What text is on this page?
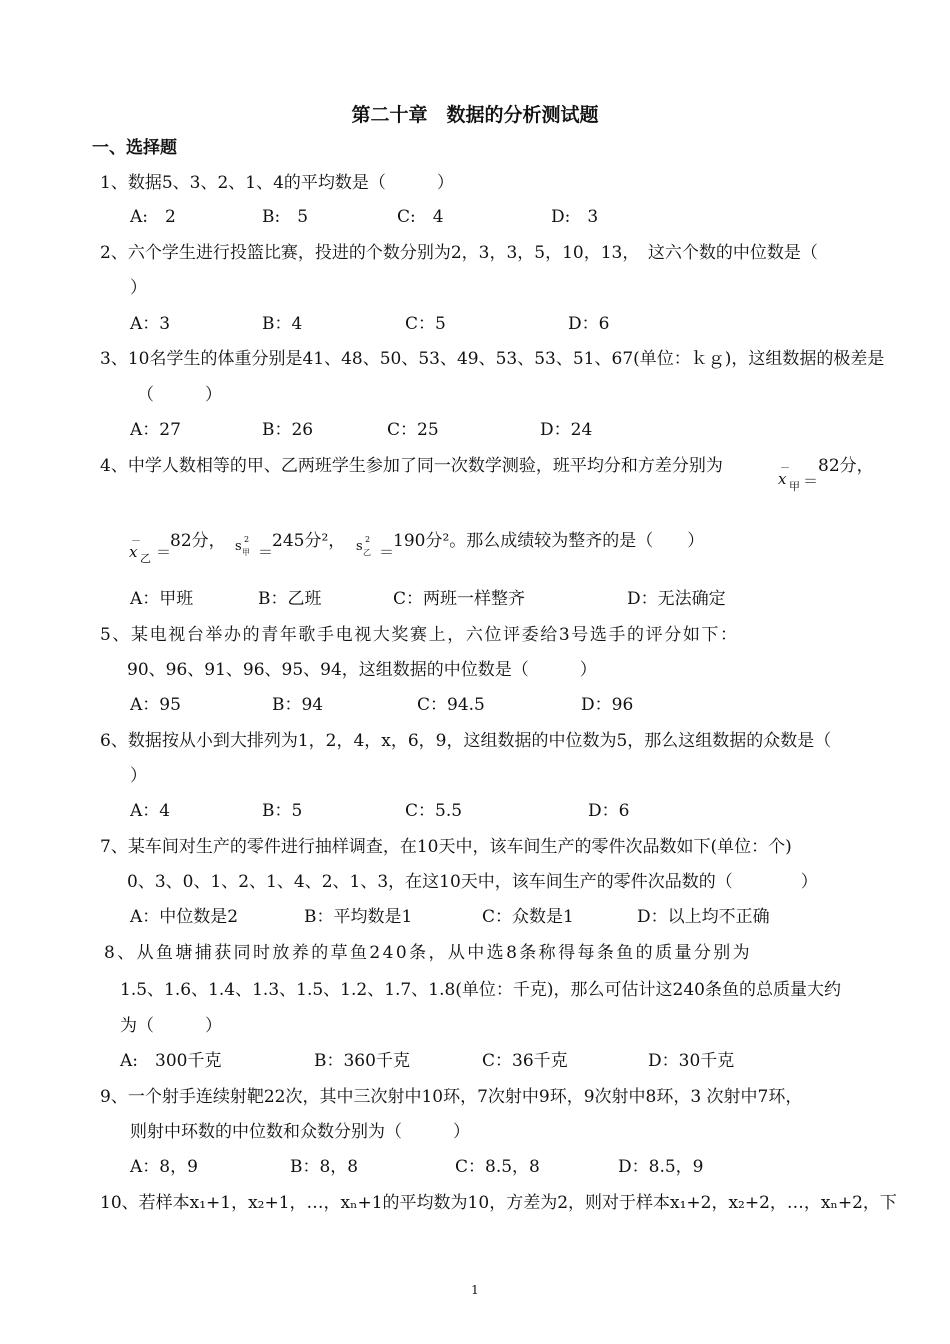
第二十章　数据的分析测试题
一、选择题
1、数据5、3、2、1、4的平均数是（　　　）
A:　2	B:　5	C:　4	D:　3
2、六个学生进行投篮比赛，投进的个数分别为2，3，3，5，10，13，　这六个数的中位数是（
）
A：3	B：4	C：5	D：6
3、10名学生的体重分别是41、48、50、53、49、53、53、51、67(单位：ｋｇ)，这组数据的极差是
（　　　）
A：27	B：26	C：25	D：24
4、中学人数相等的甲、乙两班学生参加了同一次数学测验，班平均分和方差分别为	－
x 甲 ＝
82分，
－
x 乙 ＝
82分， s 2
甲 ＝
245分²， s 2
乙 ＝
190分²。那么成绩较为整齐的是（　　）
A：甲班	B：乙班	C：两班一样整齐	D：无法确定
5、某电视台举办的青年歌手电视大奖赛上，六位评委给3号选手的评分如下：
90、96、91、96、95、94，这组数据的中位数是（　　　）
A：95	B：94	C：94.5	D：96
6、数据按从小到大排列为1，2，4，x，6，9，这组数据的中位数为5，那么这组数据的众数是（
）
A：4	B：5	C：5.5	D：6
7、某车间对生产的零件进行抽样调查，在10天中，该车间生产的零件次品数如下(单位：个)
0、3、0、1、2、1、4、2、1、3，在这10天中，该车间生产的零件次品数的（　　　　）
A：中位数是2	B：平均数是1	C：众数是1	D：以上均不正确
8、从鱼塘捕获同时放养的草鱼240条，从中选8条称得每条鱼的质量分别为
1.5、1.6、1.4、1.3、1.5、1.2、1.7、1.8(单位：千克)，那么可估计这240条鱼的总质量大约
为（　　　）
A:　300千克	B：360千克	C：36千克	D：30千克
9、一个射手连续射靶22次，其中三次射中10环，7次射中9环，9次射中8环，3 次射中7环，
则射中环数的中位数和众数分别为（　　　）
A：8，9	B：8，8	C：8.5，8	D：8.5，9
10、若样本x₁+1，x₂+1，…，xₙ+1的平均数为10，方差为2，则对于样本x₁+2，x₂+2，…，xₙ+2，下
1
